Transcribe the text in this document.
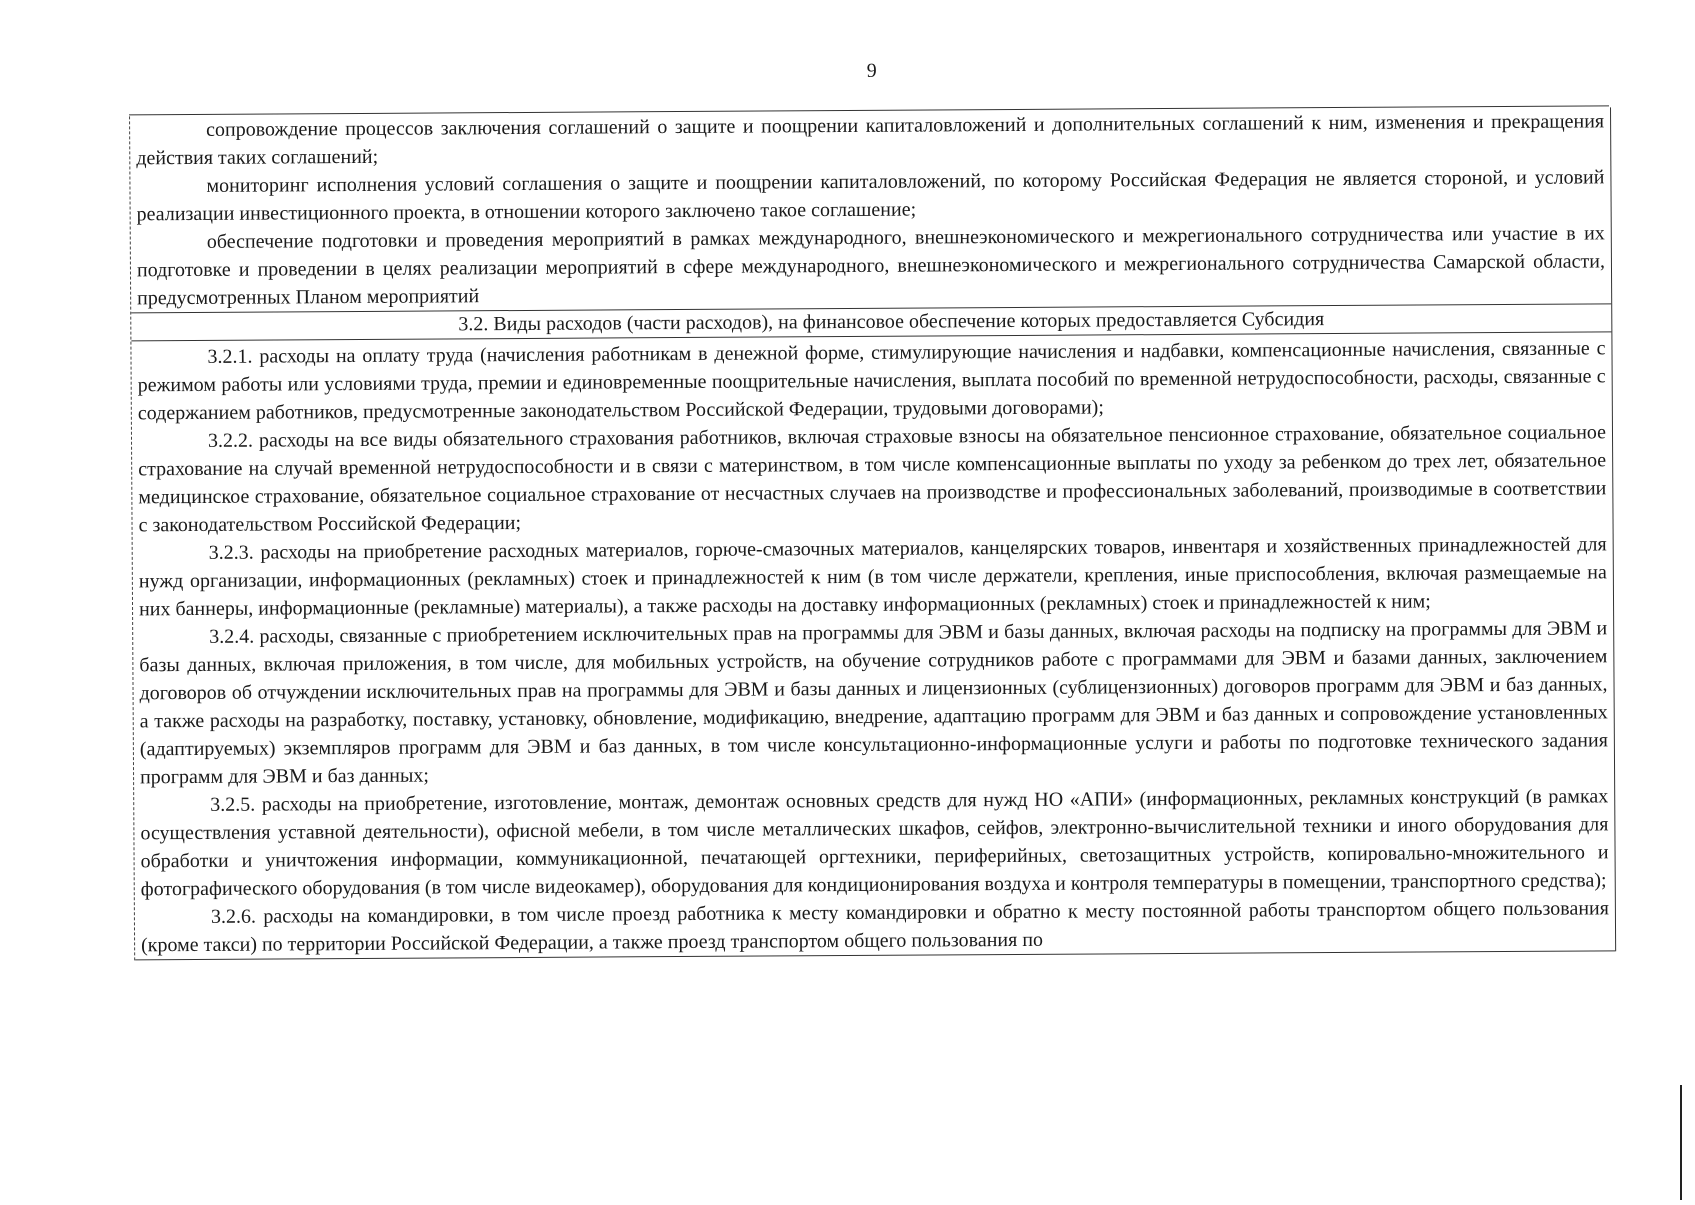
9

сопровождение процессов заключения соглашений о защите и поощрении капиталовложений и дополнительных соглашений к ним, изменения и прекращения действия таких соглашений;

мониторинг исполнения условий соглашения о защите и поощрении капиталовложений, по которому Российская Федерация не является стороной, и условий реализации инвестиционного проекта, в отношении которого заключено такое соглашение;

обеспечение подготовки и проведения мероприятий в рамках международного, внешнеэкономического и межрегионального сотрудничества или участие в их подготовке и проведении в целях реализации мероприятий в сфере международного, внешнеэкономического и межрегионального сотрудничества Самарской области, предусмотренных Планом мероприятий

3.2. Виды расходов (части расходов), на финансовое обеспечение которых предоставляется Субсидия

3.2.1. расходы на оплату труда (начисления работникам в денежной форме, стимулирующие начисления и надбавки, компенсационные начисления, связанные с режимом работы или условиями труда, премии и единовременные поощрительные начисления, выплата пособий по временной нетрудоспособности, расходы, связанные с содержанием работников, предусмотренные законодательством Российской Федерации, трудовыми договорами);

3.2.2. расходы на все виды обязательного страхования работников, включая страховые взносы на обязательное пенсионное страхование, обязательное социальное страхование на случай временной нетрудоспособности и в связи с материнством, в том числе компенсационные выплаты по уходу за ребенком до трех лет, обязательное медицинское страхование, обязательное социальное страхование от несчастных случаев на производстве и профессиональных заболеваний, производимые в соответствии с законодательством Российской Федерации;

3.2.3. расходы на приобретение расходных материалов, горюче-смазочных материалов, канцелярских товаров, инвентаря и хозяйственных принадлежностей для нужд организации, информационных (рекламных) стоек и принадлежностей к ним (в том числе держатели, крепления, иные приспособления, включая размещаемые на них баннеры, информационные (рекламные) материалы), а также расходы на доставку информационных (рекламных) стоек и принадлежностей к ним;

3.2.4. расходы, связанные с приобретением исключительных прав на программы для ЭВМ и базы данных, включая расходы на подписку на программы для ЭВМ и базы данных, включая приложения, в том числе, для мобильных устройств, на обучение сотрудников работе с программами для ЭВМ и базами данных, заключением договоров об отчуждении исключительных прав на программы для ЭВМ и базы данных и лицензионных (сублицензионных) договоров программ для ЭВМ и баз данных, а также расходы на разработку, поставку, установку, обновление, модификацию, внедрение, адаптацию программ для ЭВМ и баз данных и сопровождение установленных (адаптируемых) экземпляров программ для ЭВМ и баз данных, в том числе консультационно-информационные услуги и работы по подготовке технического задания программ для ЭВМ и баз данных;

3.2.5. расходы на приобретение, изготовление, монтаж, демонтаж основных средств для нужд НО «АПИ» (информационных, рекламных конструкций (в рамках осуществления уставной деятельности), офисной мебели, в том числе металлических шкафов, сейфов, электронно-вычислительной техники и иного оборудования для обработки и уничтожения информации, коммуникационной, печатающей оргтехники, периферийных, светозащитных устройств, копировально-множительного и фотографического оборудования (в том числе видеокамер), оборудования для кондиционирования воздуха и контроля температуры в помещении, транспортного средства);

3.2.6. расходы на командировки, в том числе проезд работника к месту командировки и обратно к месту постоянной работы транспортом общего пользования (кроме такси) по территории Российской Федерации, а также проезд транспортом общего пользования по
